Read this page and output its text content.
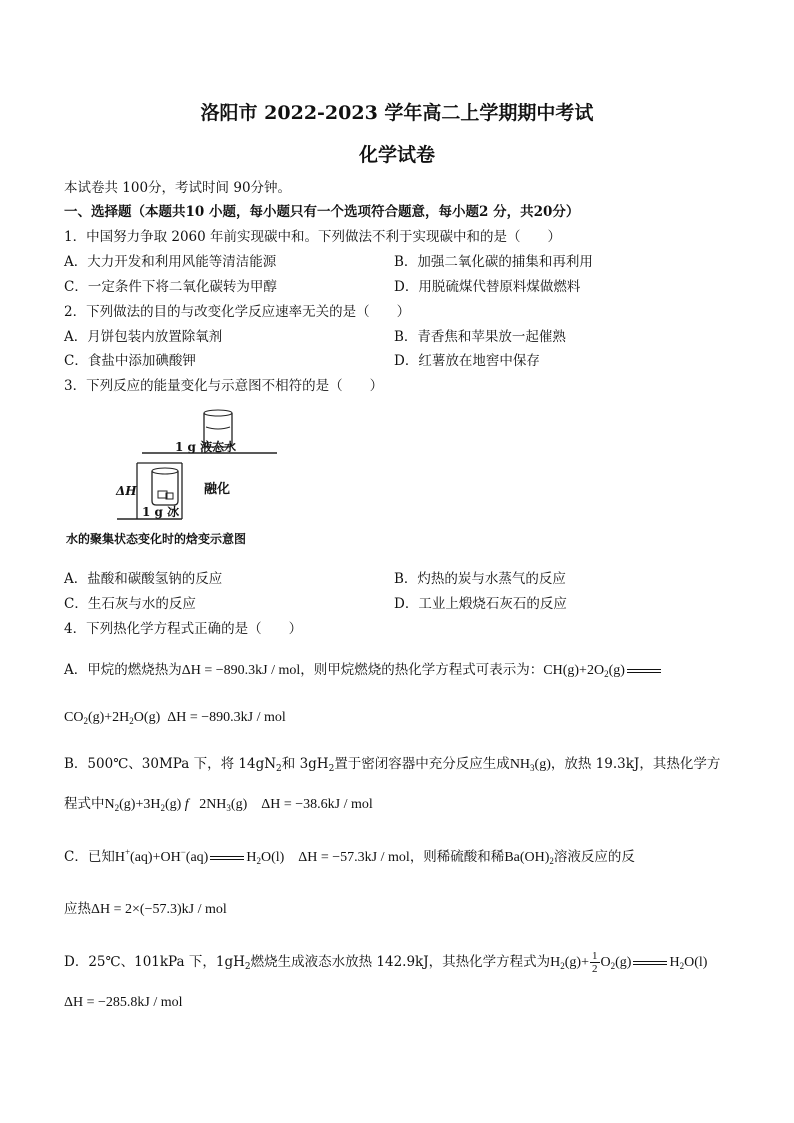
洛阳市 2022-2023 学年高二上学期期中考试
化学试卷
本试卷共 100分，考试时间 90分钟。
一、选择题（本题共10 小题，每小题只有一个选项符合题意，每小题2 分，共20分）
1．中国努力争取 2060 年前实现碳中和。下列做法不利于实现碳中和的是（　　）
A．大力开发和利用风能等清洁能源	B．加强二氧化碳的捕集和再利用
C．一定条件下将二氧化碳转为甲醇	D．用脱硫煤代替原料煤做燃料
2．下列做法的目的与改变化学反应速率无关的是（　　）
A．月饼包装内放置除氧剂	B．青香焦和苹果放一起催熟
C．食盐中添加碘酸钾	D．红薯放在地窖中保存
3．下列反应的能量变化与示意图不相符的是（　　）
1 g 液态水
1 g 冰
ΔH	融化
水的聚集状态变化时的焓变示意图
A．盐酸和碳酸氢钠的反应	B．灼热的炭与水蒸气的反应
C．生石灰与水的反应	D．工业上煅烧石灰石的反应
4．下列热化学方程式正确的是（　　）
A．甲烷的燃烧热为ΔH = −890.3kJ / mol，则甲烷燃烧的热化学方程式可表示为：$CH(g)+2O_2(g)$
$CO_2(g)+2H_2O(g) \Delta H = -890.3kJ$ / mol
B．500℃、30MPa 下，将 $14gN_2$和 $3gH_2$置于密闭容器中充分反应生成$NH_3(g)$，放热 19.3kJ，其热化学方
程式中$N_2(g)+3H_2(g)$ f   $2NH_3(g)$    ΔH = −38.6kJ / mol
C．已知H+(aq)+OH−(aq)	$H_2O(l)$    ΔH = −57.3kJ / mol，则稀硫酸和稀$Ba(OH)_2$溶液反应的反
应热ΔH = 2×(−57.3)kJ / mol
D．25℃、101kPa 下，$1gH_2$燃烧生成液态水放热 142.9kJ，其热化学方程式为$H_2(g)+ \frac{1}{2} O_2(g)$	$H_2O(l)$
ΔH = −285.8kJ / mol
